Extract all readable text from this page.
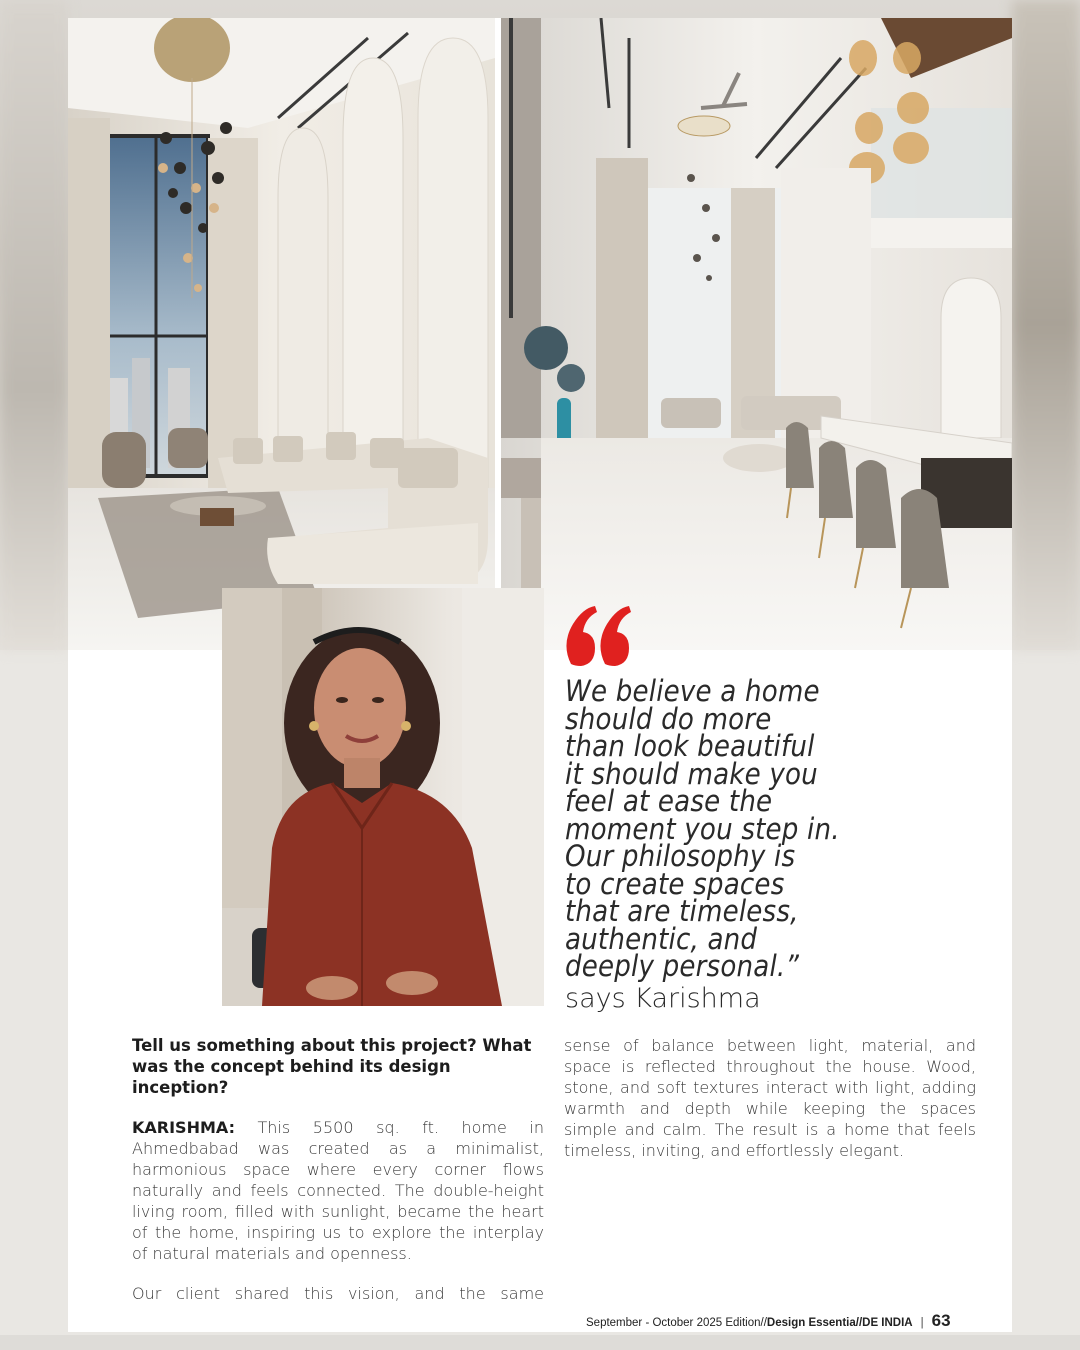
We believe a home
should do more
than look beautiful
it should make you
feel at ease the
moment you step in.
Our philosophy is
to create spaces
that are timeless,
authentic, and
deeply personal.”
says Karishma

Tell us something about this project? What was the concept behind its design inception?

KARISHMA: This 5500 sq. ft. home in Ahmedbabad was created as a minimalist, harmonious space where every corner flows naturally and feels connected. The double-height living room, filled with sunlight, became the heart of the home, inspiring us to explore the interplay of natural materials and openness.

Our client shared this vision, and the same

sense of balance between light, material, and space is reflected throughout the house. Wood, stone, and soft textures interact with light, adding warmth and depth while keeping the spaces simple and calm. The result is a home that feels timeless, inviting, and effortlessly elegant.

September - October 2025 Edition// Design Essentia//DE INDIA | 63
